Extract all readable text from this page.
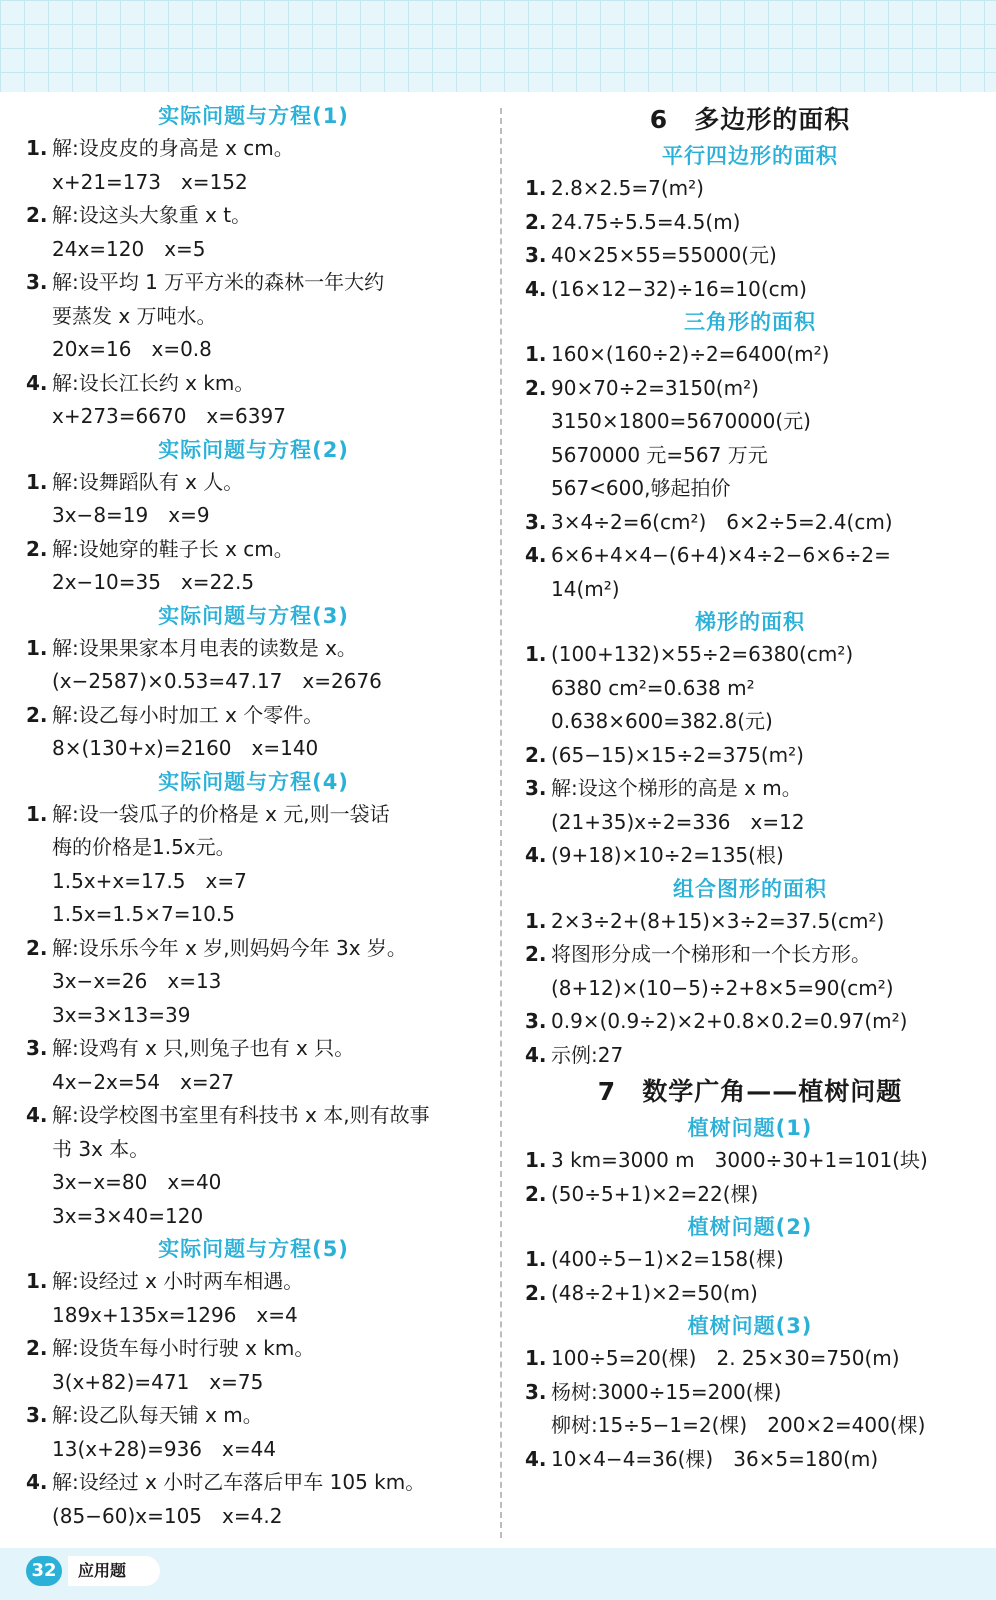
实际问题与方程(1)
1. 解:设皮皮的身高是 x cm。
x+21=173　x=152
2. 解:设这头大象重 x t。
24x=120　x=5
3. 解:设平均 1 万平方米的森林一年大约
要蒸发 x 万吨水。
20x=16　x=0.8
4. 解:设长江长约 x km。
x+273=6670　x=6397
实际问题与方程(2)
1. 解:设舞蹈队有 x 人。
3x−8=19　x=9
2. 解:设她穿的鞋子长 x cm。
2x−10=35　x=22.5
实际问题与方程(3)
1. 解:设果果家本月电表的读数是 x。
(x−2587)×0.53=47.17　x=2676
2. 解:设乙每小时加工 x 个零件。
8×(130+x)=2160　x=140
实际问题与方程(4)
1. 解:设一袋瓜子的价格是 x 元,则一袋话
梅的价格是1.5x元。
1.5x+x=17.5　x=7
1.5x=1.5×7=10.5
2. 解:设乐乐今年 x 岁,则妈妈今年 3x 岁。
3x−x=26　x=13
3x=3×13=39
3. 解:设鸡有 x 只,则兔子也有 x 只。
4x−2x=54　x=27
4. 解:设学校图书室里有科技书 x 本,则有故事
书 3x 本。
3x−x=80　x=40
3x=3×40=120
实际问题与方程(5)
1. 解:设经过 x 小时两车相遇。
189x+135x=1296　x=4
2. 解:设货车每小时行驶 x km。
3(x+82)=471　x=75
3. 解:设乙队每天铺 x m。
13(x+28)=936　x=44
4. 解:设经过 x 小时乙车落后甲车 105 km。
(85−60)x=105　x=4.2
6　多边形的面积
平行四边形的面积
1. 2.8×2.5=7(m²)
2. 24.75÷5.5=4.5(m)
3. 40×25×55=55000(元)
4. (16×12−32)÷16=10(cm)
三角形的面积
1. 160×(160÷2)÷2=6400(m²)
2. 90×70÷2=3150(m²)
3150×1800=5670000(元)
5670000 元=567 万元
567<600,够起拍价
3. 3×4÷2=6(cm²)　6×2÷5=2.4(cm)
4. 6×6+4×4−(6+4)×4÷2−6×6÷2=
14(m²)
梯形的面积
1. (100+132)×55÷2=6380(cm²)
6380 cm²=0.638 m²
0.638×600=382.8(元)
2. (65−15)×15÷2=375(m²)
3. 解:设这个梯形的高是 x m。
(21+35)x÷2=336　x=12
4. (9+18)×10÷2=135(根)
组合图形的面积
1. 2×3÷2+(8+15)×3÷2=37.5(cm²)
2. 将图形分成一个梯形和一个长方形。
(8+12)×(10−5)÷2+8×5=90(cm²)
3. 0.9×(0.9÷2)×2+0.8×0.2=0.97(m²)
4. 示例:27
7　数学广角——植树问题
植树问题(1)
1. 3 km=3000 m　3000÷30+1=101(块)
2. (50÷5+1)×2=22(棵)
植树问题(2)
1. (400÷5−1)×2=158(棵)
2. (48÷2+1)×2=50(m)
植树问题(3)
1. 100÷5=20(棵)　2. 25×30=750(m)
3. 杨树:3000÷15=200(棵)
柳树:15÷5−1=2(棵)　200×2=400(棵)
4. 10×4−4=36(棵)　36×5=180(m)
32	应用题
